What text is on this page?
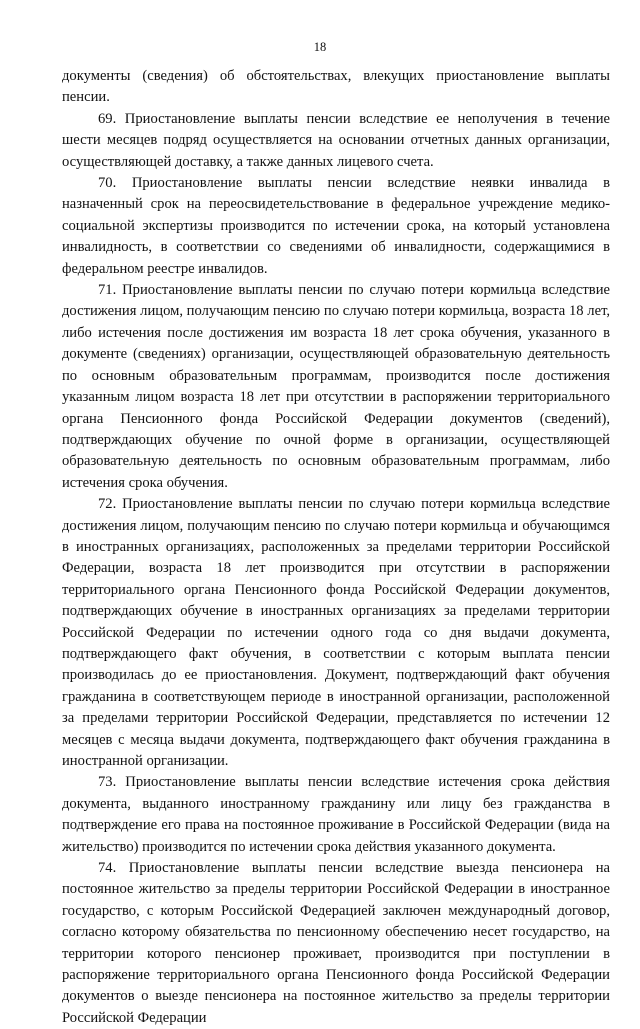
18

документы (сведения) об обстоятельствах, влекущих приостановление выплаты пенсии.

69. Приостановление выплаты пенсии вследствие ее неполучения в течение шести месяцев подряд осуществляется на основании отчетных данных организации, осуществляющей доставку, а также данных лицевого счета.

70. Приостановление выплаты пенсии вследствие неявки инвалида в назначенный срок на переосвидетельствование в федеральное учреждение медико-социальной экспертизы производится по истечении срока, на который установлена инвалидность, в соответствии со сведениями об инвалидности, содержащимися в федеральном реестре инвалидов.

71. Приостановление выплаты пенсии по случаю потери кормильца вследствие достижения лицом, получающим пенсию по случаю потери кормильца, возраста 18 лет, либо истечения после достижения им возраста 18 лет срока обучения, указанного в документе (сведениях) организации, осуществляющей образовательную деятельность по основным образовательным программам, производится после достижения указанным лицом возраста 18 лет при отсутствии в распоряжении территориального органа Пенсионного фонда Российской Федерации документов (сведений), подтверждающих обучение по очной форме в организации, осуществляющей образовательную деятельность по основным образовательным программам, либо истечения срока обучения.

72. Приостановление выплаты пенсии по случаю потери кормильца вследствие достижения лицом, получающим пенсию по случаю потери кормильца и обучающимся в иностранных организациях, расположенных за пределами территории Российской Федерации, возраста 18 лет производится при отсутствии в распоряжении территориального органа Пенсионного фонда Российской Федерации документов, подтверждающих обучение в иностранных организациях за пределами территории Российской Федерации по истечении одного года со дня выдачи документа, подтверждающего факт обучения, в соответствии с которым выплата пенсии производилась до ее приостановления. Документ, подтверждающий факт обучения гражданина в соответствующем периоде в иностранной организации, расположенной за пределами территории Российской Федерации, представляется по истечении 12 месяцев с месяца выдачи документа, подтверждающего факт обучения гражданина в иностранной организации.

73. Приостановление выплаты пенсии вследствие истечения срока действия документа, выданного иностранному гражданину или лицу без гражданства в подтверждение его права на постоянное проживание в Российской Федерации (вида на жительство) производится по истечении срока действия указанного документа.

74. Приостановление выплаты пенсии вследствие выезда пенсионера на постоянное жительство за пределы территории Российской Федерации в иностранное государство, с которым Российской Федерацией заключен международный договор, согласно которому обязательства по пенсионному обеспечению несет государство, на территории которого пенсионер проживает, производится при поступлении в распоряжение территориального органа Пенсионного фонда Российской Федерации документов о выезде пенсионера на постоянное жительство за пределы территории Российской Федерации
